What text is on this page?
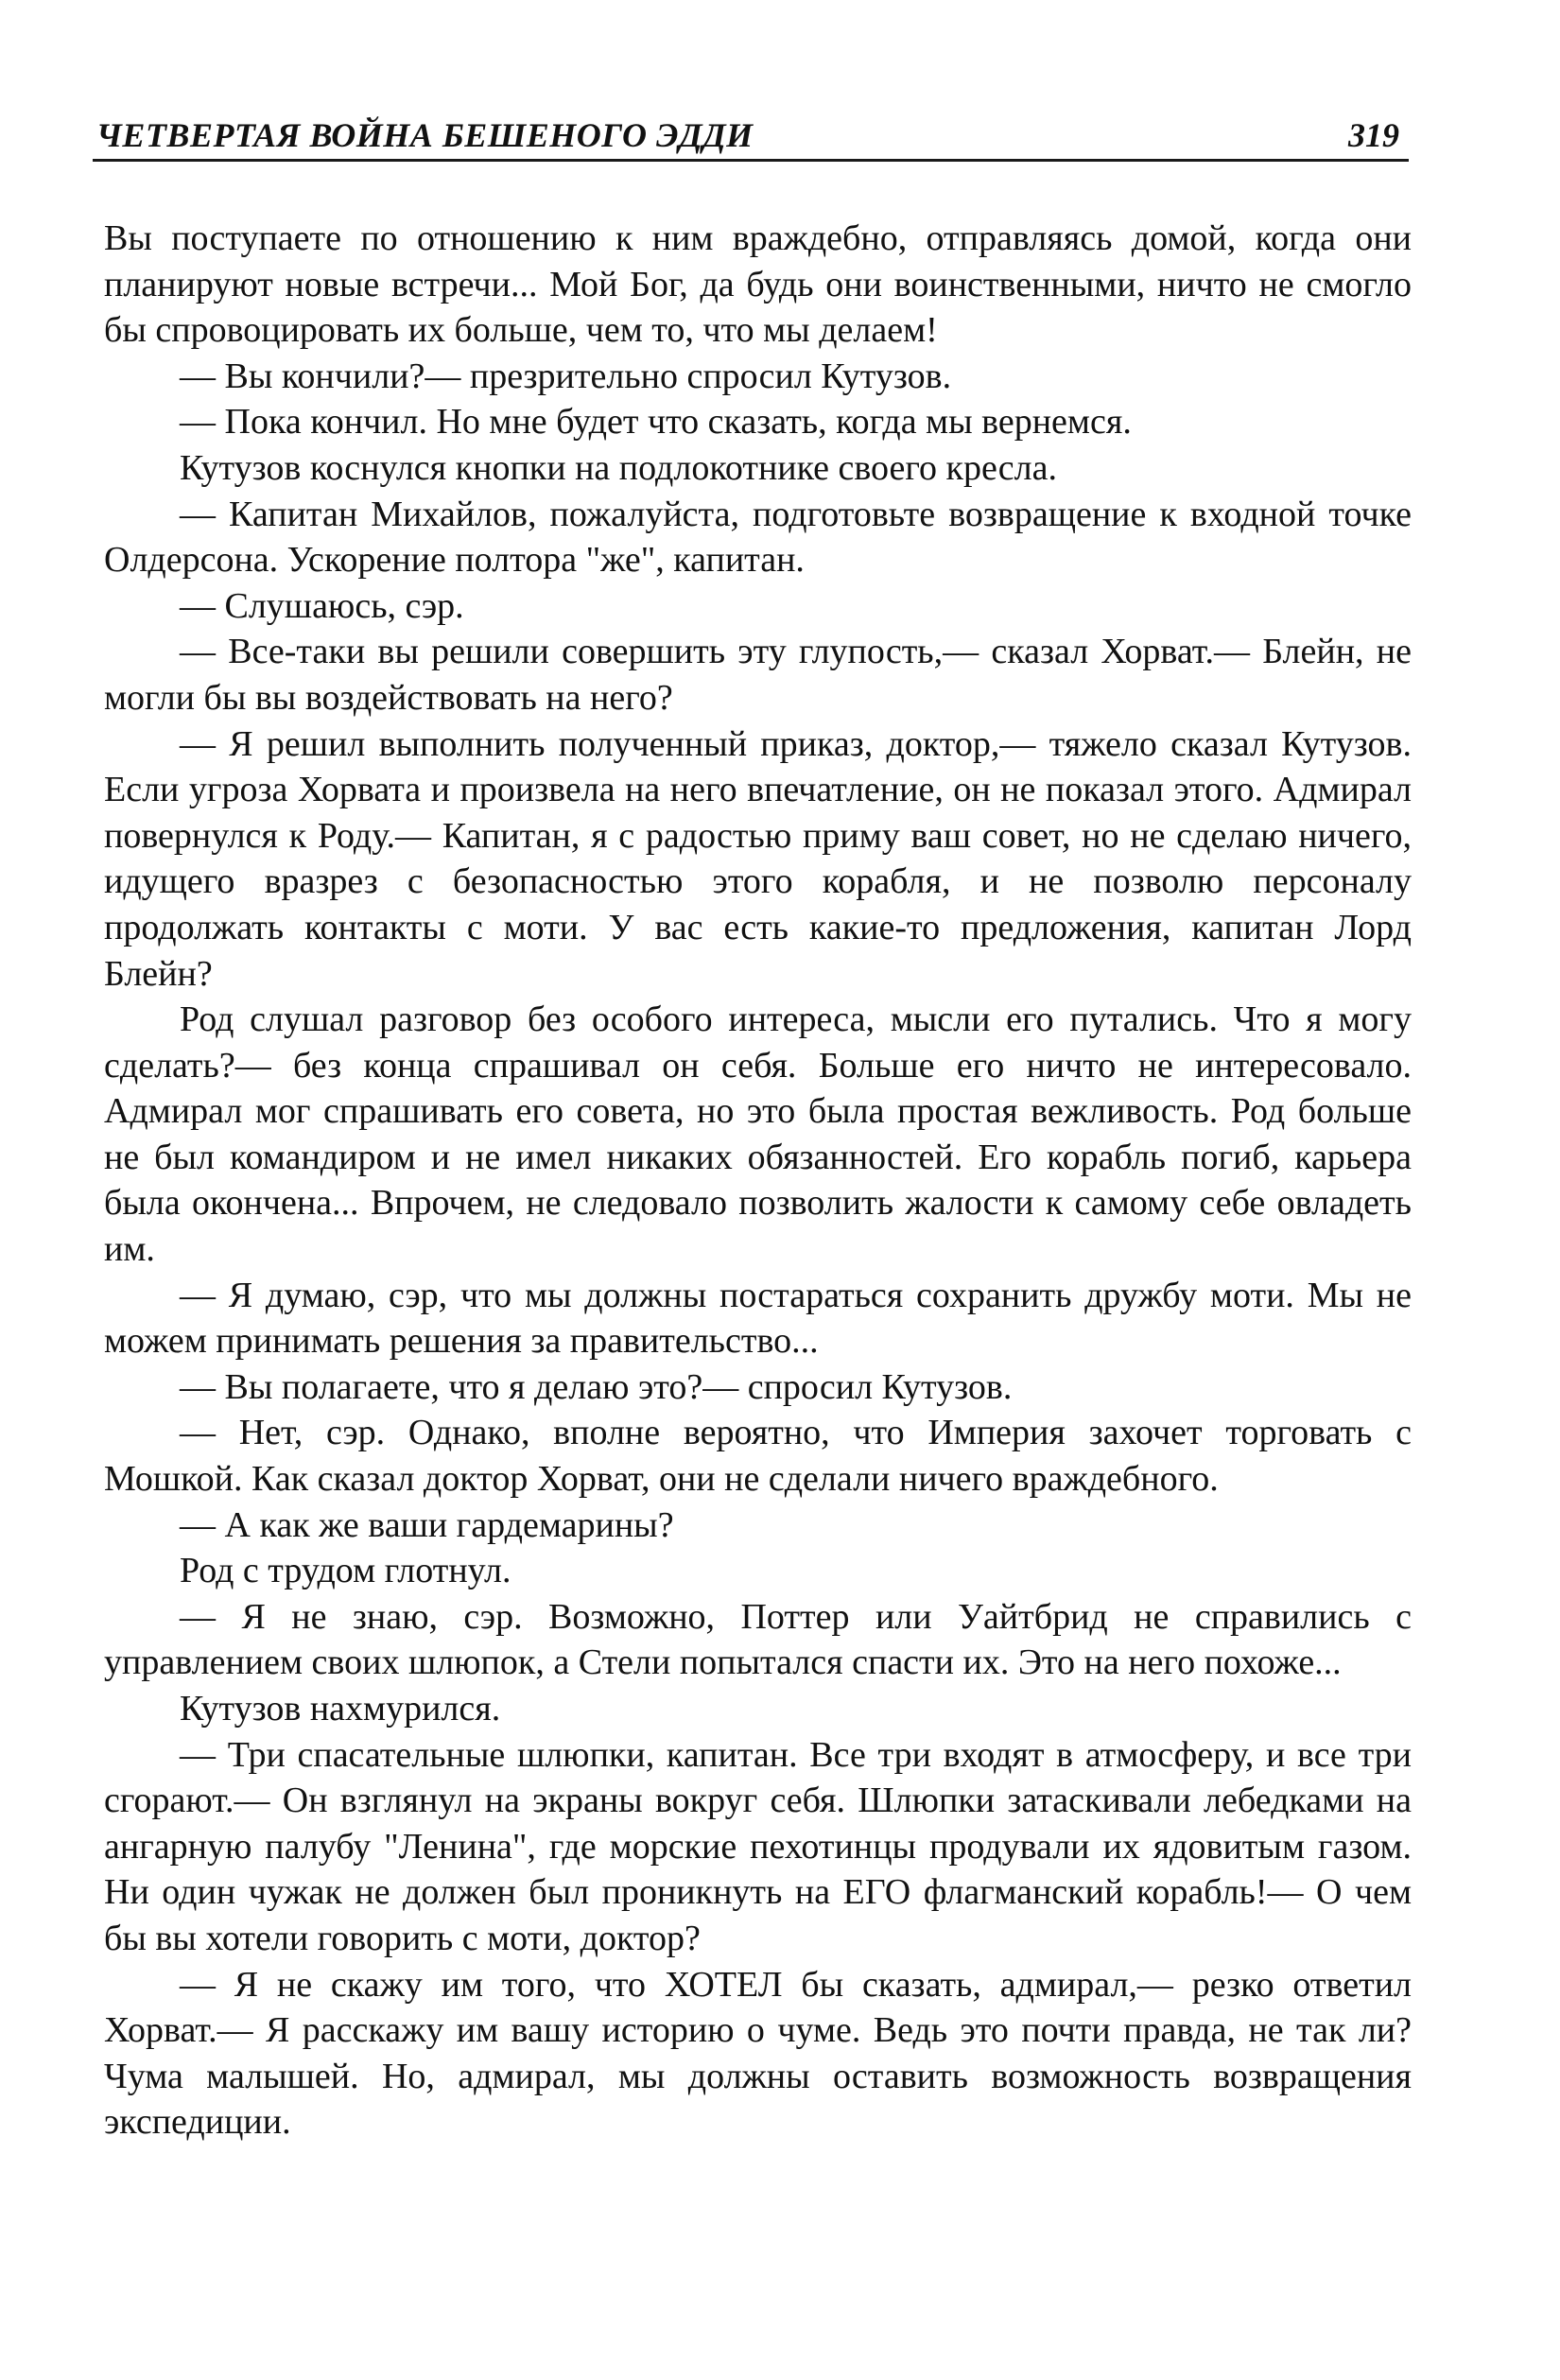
ЧЕТВЕРТАЯ ВОЙНА БЕШЕНОГО ЭДДИ	319

Вы поступаете по отношению к ним враждебно, отправляясь домой, когда они планируют новые встречи... Мой Бог, да будь они воинственными, ничто не смогло бы спровоцировать их больше, чем то, что мы делаем!

— Вы кончили?— презрительно спросил Кутузов.

— Пока кончил. Но мне будет что сказать, когда мы вернемся.

Кутузов коснулся кнопки на подлокотнике своего кресла.

— Капитан Михайлов, пожалуйста, подготовьте возвращение к входной точке Олдерсона. Ускорение полтора "же", капитан.

— Слушаюсь, сэр.

— Все-таки вы решили совершить эту глупость,— сказал Хорват.— Блейн, не могли бы вы воздействовать на него?

— Я решил выполнить полученный приказ, доктор,— тяжело сказал Кутузов. Если угроза Хорвата и произвела на него впечатление, он не показал этого. Адмирал повернулся к Роду.— Капитан, я с радостью приму ваш совет, но не сделаю ничего, идущего вразрез с безопасностью этого корабля, и не позволю персоналу продолжать контакты с моти. У вас есть какие-то предложения, капитан Лорд Блейн?

Род слушал разговор без особого интереса, мысли его путались. Что я могу сделать?— без конца спрашивал он себя. Больше его ничто не интересовало. Адмирал мог спрашивать его совета, но это была простая вежливость. Род больше не был командиром и не имел никаких обязанностей. Его корабль погиб, карьера была окончена... Впрочем, не следовало позволить жалости к самому себе овладеть им.

— Я думаю, сэр, что мы должны постараться сохранить дружбу моти. Мы не можем принимать решения за правительство...

— Вы полагаете, что я делаю это?— спросил Кутузов.

— Нет, сэр. Однако, вполне вероятно, что Империя захочет торговать с Мошкой. Как сказал доктор Хорват, они не сделали ничего враждебного.

— А как же ваши гардемарины?

Род с трудом глотнул.

— Я не знаю, сэр. Возможно, Поттер или Уайтбрид не справились с управлением своих шлюпок, а Стели попытался спасти их. Это на него похоже...

Кутузов нахмурился.

— Три спасательные шлюпки, капитан. Все три входят в атмосферу, и все три сгорают.— Он взглянул на экраны вокруг себя. Шлюпки затаскивали лебедками на ангарную палубу "Ленина", где морские пехотинцы продували их ядовитым газом. Ни один чужак не должен был проникнуть на ЕГО флагманский корабль!— О чем бы вы хотели говорить с моти, доктор?

— Я не скажу им того, что ХОТЕЛ бы сказать, адмирал,— резко ответил Хорват.— Я расскажу им вашу историю о чуме. Ведь это почти правда, не так ли? Чума малышей. Но, адмирал, мы должны оставить возможность возвращения экспедиции.
